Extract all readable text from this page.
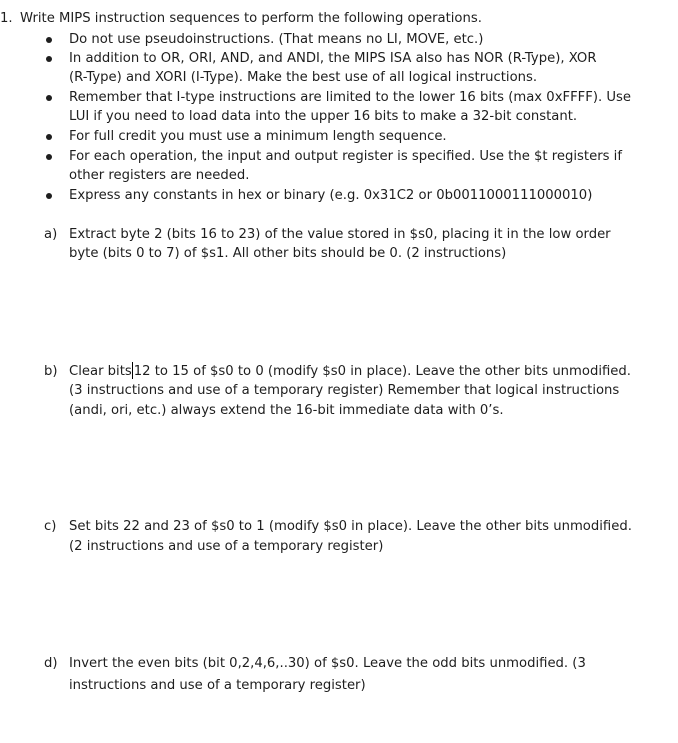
1. Write MIPS instruction sequences to perform the following operations.
Do not use pseudoinstructions. (That means no LI, MOVE, etc.)
In addition to OR, ORI, AND, and ANDI, the MIPS ISA also has NOR (R-Type), XOR
(R-Type) and XORI (I-Type). Make the best use of all logical instructions.
Remember that I-type instructions are limited to the lower 16 bits (max 0xFFFF). Use
LUI if you need to load data into the upper 16 bits to make a 32-bit constant.
For full credit you must use a minimum length sequence.
For each operation, the input and output register is specified. Use the $t registers if
other registers are needed.
Express any constants in hex or binary (e.g. 0x31C2 or 0b0011000111000010)
a) Extract byte 2 (bits 16 to 23) of the value stored in $s0, placing it in the low order
byte (bits 0 to 7) of $s1. All other bits should be 0. (2 instructions)
b) Clear bits 12 to 15 of $s0 to 0 (modify $s0 in place). Leave the other bits unmodified.
(3 instructions and use of a temporary register) Remember that logical instructions
(andi, ori, etc.) always extend the 16-bit immediate data with 0’s.
c) Set bits 22 and 23 of $s0 to 1 (modify $s0 in place). Leave the other bits unmodified.
(2 instructions and use of a temporary register)
d) Invert the even bits (bit 0,2,4,6,..30) of $s0. Leave the odd bits unmodified. (3
instructions and use of a temporary register)
